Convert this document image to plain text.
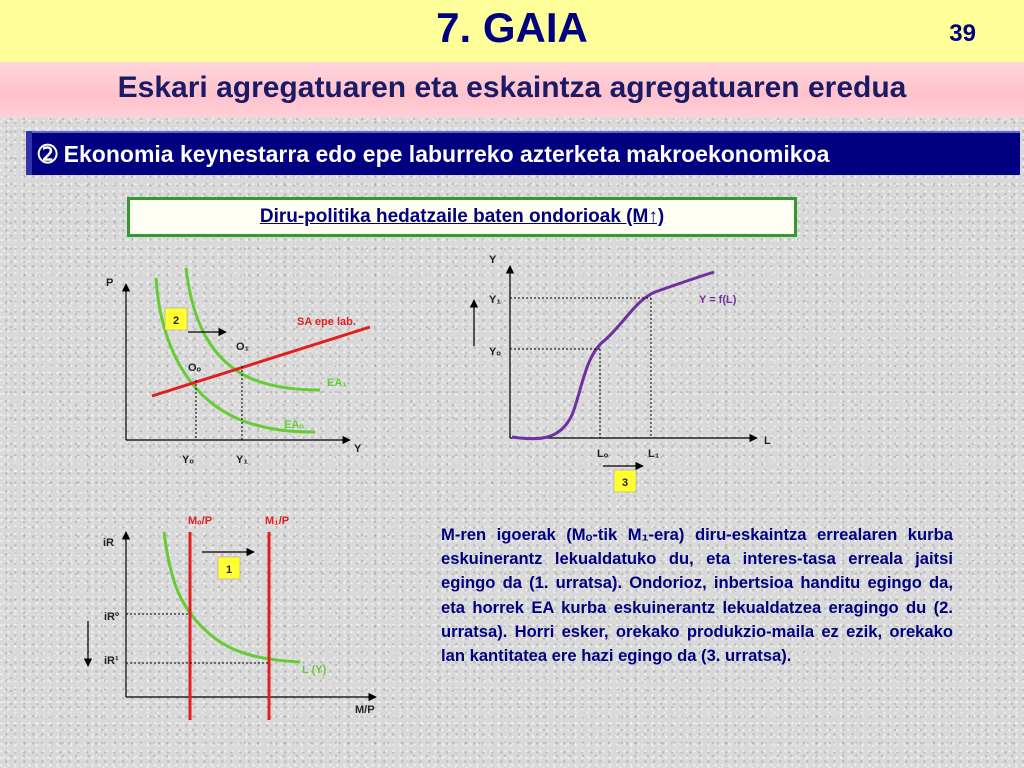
7. GAIA	39
Eskari agregatuaren eta eskaintza agregatuaren eredua
➁ Ekonomia keynestarra edo epe laburreko azterketa makroekonomikoa
Diru-politika hedatzaile baten ondorioak (M↑)
P
Y
SA epe lab.
EA₁
EAₒ
O₁
Oₒ
Yₒ	Y₁
2
Y
L
Y = f(L)
Y₁
Yₒ
Lₒ	L₁
3
iR
M/P
Mₒ/P	M₁/P
L (Y)
iRº
iR¹
1
M-ren igoerak (Mₒ-tik M₁-era) diru-eskaintza errealaren kurba eskuinerantz lekualdatuko du, eta interes-tasa erreala jaitsi egingo da (1. urratsa). Ondorioz, inbertsioa handitu egingo da, eta horrek EA kurba eskuinerantz lekualdatzea eragingo du (2. urratsa). Horri esker, orekako produkzio-maila ez ezik, orekako lan kantitatea ere hazi egingo da (3. urratsa).
